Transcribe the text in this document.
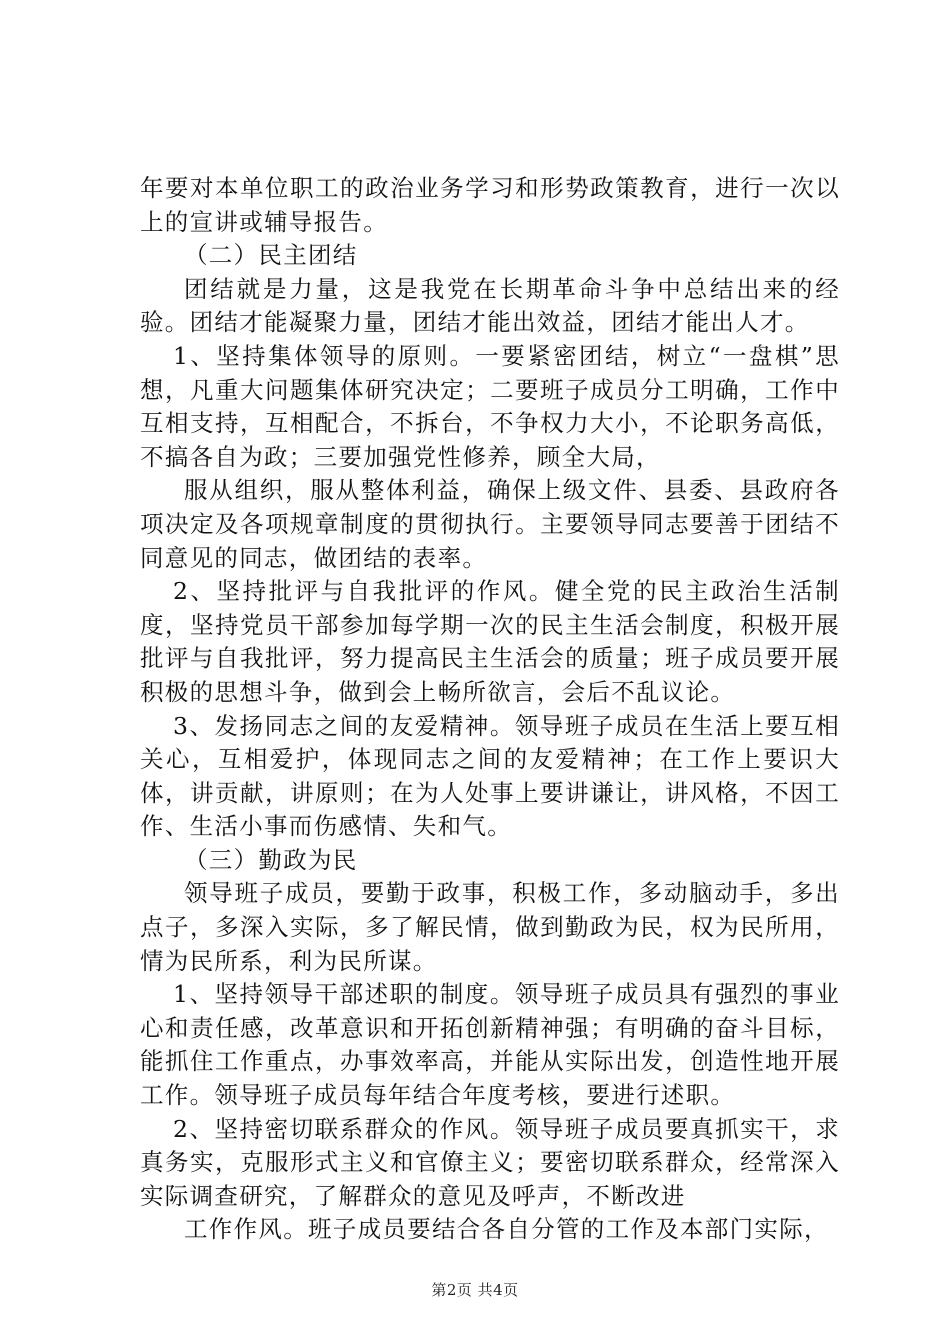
年要对本单位职工的政治业务学习和形势政策教育，进行一次以上的宣讲或辅导报告。

（二）民主团结

团结就是力量，这是我党在长期革命斗争中总结出来的经验。团结才能凝聚力量，团结才能出效益，团结才能出人才。

1、坚持集体领导的原则。一要紧密团结，树立“一盘棋”思想，凡重大问题集体研究决定；二要班子成员分工明确，工作中互相支持，互相配合，不拆台，不争权力大小，不论职务高低，不搞各自为政；三要加强党性修养，顾全大局，

服从组织，服从整体利益，确保上级文件、县委、县政府各项决定及各项规章制度的贯彻执行。主要领导同志要善于团结不同意见的同志，做团结的表率。

2、坚持批评与自我批评的作风。健全党的民主政治生活制度，坚持党员干部参加每学期一次的民主生活会制度，积极开展批评与自我批评，努力提高民主生活会的质量；班子成员要开展积极的思想斗争，做到会上畅所欲言，会后不乱议论。

3、发扬同志之间的友爱精神。领导班子成员在生活上要互相关心，互相爱护，体现同志之间的友爱精神；在工作上要识大体，讲贡献，讲原则；在为人处事上要讲谦让，讲风格，不因工作、生活小事而伤感情、失和气。

（三）勤政为民

领导班子成员，要勤于政事，积极工作，多动脑动手，多出点子，多深入实际，多了解民情，做到勤政为民，权为民所用，情为民所系，利为民所谋。

1、坚持领导干部述职的制度。领导班子成员具有强烈的事业心和责任感，改革意识和开拓创新精神强；有明确的奋斗目标，能抓住工作重点，办事效率高，并能从实际出发，创造性地开展工作。领导班子成员每年结合年度考核，要进行述职。

2、坚持密切联系群众的作风。领导班子成员要真抓实干，求真务实，克服形式主义和官僚主义；要密切联系群众，经常深入实际调查研究，了解群众的意见及呼声，不断改进

工作作风。班子成员要结合各自分管的工作及本部门实际，

第2页 共4页
